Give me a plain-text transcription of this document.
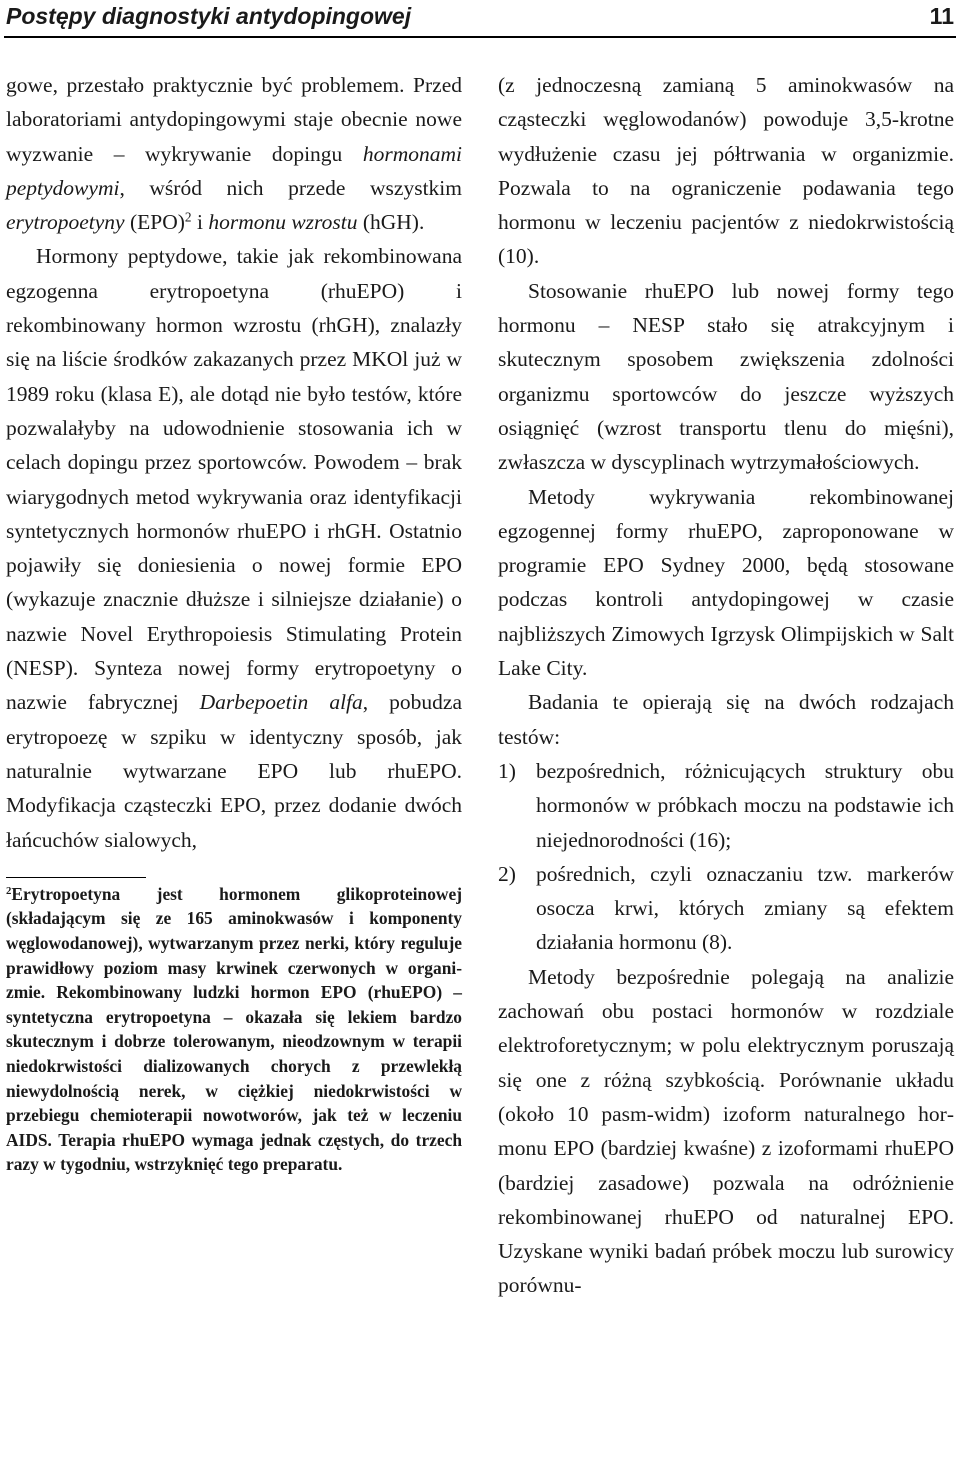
Postępy diagnostyki antydopingowej	11

gowe, przestało praktycznie być problemem. Przed laboratoriami antydopingowymi staje obecnie nowe wyzwanie – wykrywanie dopingu hormonami peptydowymi, wśród nich przede wszystkim erytropoetyny (EPO)$^2$ i hormonu wzrostu (hGH).

Hormony peptydowe, takie jak rekombinowana egzogenna erytropoetyna (rhuEPO) i rekombinowany hormon wzrostu (rhGH), znalazły się na liście środków zakazanych przez MKOl już w 1989 roku (klasa E), ale dotąd nie było testów, które pozwalałyby na udowodnienie stosowania ich w celach dopingu przez sportowców. Powodem – brak wiarygodnych metod wykrywania oraz identyfikacji syntetycznych hormonów rhuEPO i rhGH. Ostatnio pojawiły się doniesienia o nowej formie EPO (wykazuje znacznie dłuższe i silniejsze działanie) o nazwie Novel Erythropoiesis Stimulating Protein (NESP). Synteza nowej formy erytropoetyny o nazwie fabrycznej Darbepoetin alfa, pobudza erytropoezę w szpiku w identyczny sposób, jak naturalnie wytwarzane EPO lub rhuEPO. Modyfikacja cząsteczki EPO, przez dodanie dwóch łańcuchów sialowych,

$^2$Erytropoetyna jest hormonem glikoproteinowej (składającym się ze 165 aminokwasów i komponenty węglowodanowej), wytwarzanym przez nerki, który reguluje prawidłowy poziom masy krwinek czerwonych w organizmie. Rekombinowany ludzki hormon EPO (rhuEPO) – syntetyczna erytropoetyna – okazała się lekiem bardzo skutecznym i dobrze tolerowanym, nieodzownym w terapii niedokrwistości dializowanych chorych z przewlekłą niewydolnością nerek, w ciężkiej niedokrwistości w przebiegu chemioterapii nowotworów, jak też w leczeniu AIDS. Terapia rhuEPO wymaga jednak częstych, do trzech razy w tygodniu, wstrzyknięć tego preparatu.

(z jednoczesną zamianą 5 aminokwasów na cząsteczki węglowodanów) powoduje 3,5-krotne wydłużenie czasu jej półtrwania w organizmie. Pozwala to na ograniczenie podawania tego hormonu w leczeniu pacjentów z niedokrwistością (10).

Stosowanie rhuEPO lub nowej formy tego hormonu – NESP stało się atrakcyjnym i skutecznym sposobem zwiększenia zdolności organizmu sportowców do jeszcze wyższych osiągnięć (wzrost transportu tlenu do mięśni), zwłaszcza w dyscyplinach wytrzymałościowych.

Metody wykrywania rekombinowanej egzogennej formy rhuEPO, zaproponowane w programie EPO Sydney 2000, będą stosowane podczas kontroli antydopingowej w czasie najbliższych Zimowych Igrzysk Olimpijskich w Salt Lake City.

Badania te opierają się na dwóch rodzajach testów:

1) bezpośrednich, różnicujących struktury obu hormonów w próbkach moczu na podstawie ich niejednorodności (16);
2) pośrednich, czyli oznaczaniu tzw. markerów osocza krwi, których zmiany są efektem działania hormonu (8).

Metody bezpośrednie polegają na analizie zachowań obu postaci hormonów w rozdziale elektroforetycznym; w polu elektrycznym poruszają się one z różną szybkością. Porównanie układu (około 10 pasm-widm) izoform naturalnego hormonu EPO (bardziej kwaśne) z izoformami rhuEPO (bardziej zasadowe) pozwala na odróżnienie rekombinowanej rhuEPO od naturalnej EPO. Uzyskane wyniki badań próbek moczu lub surowicy porównu-
